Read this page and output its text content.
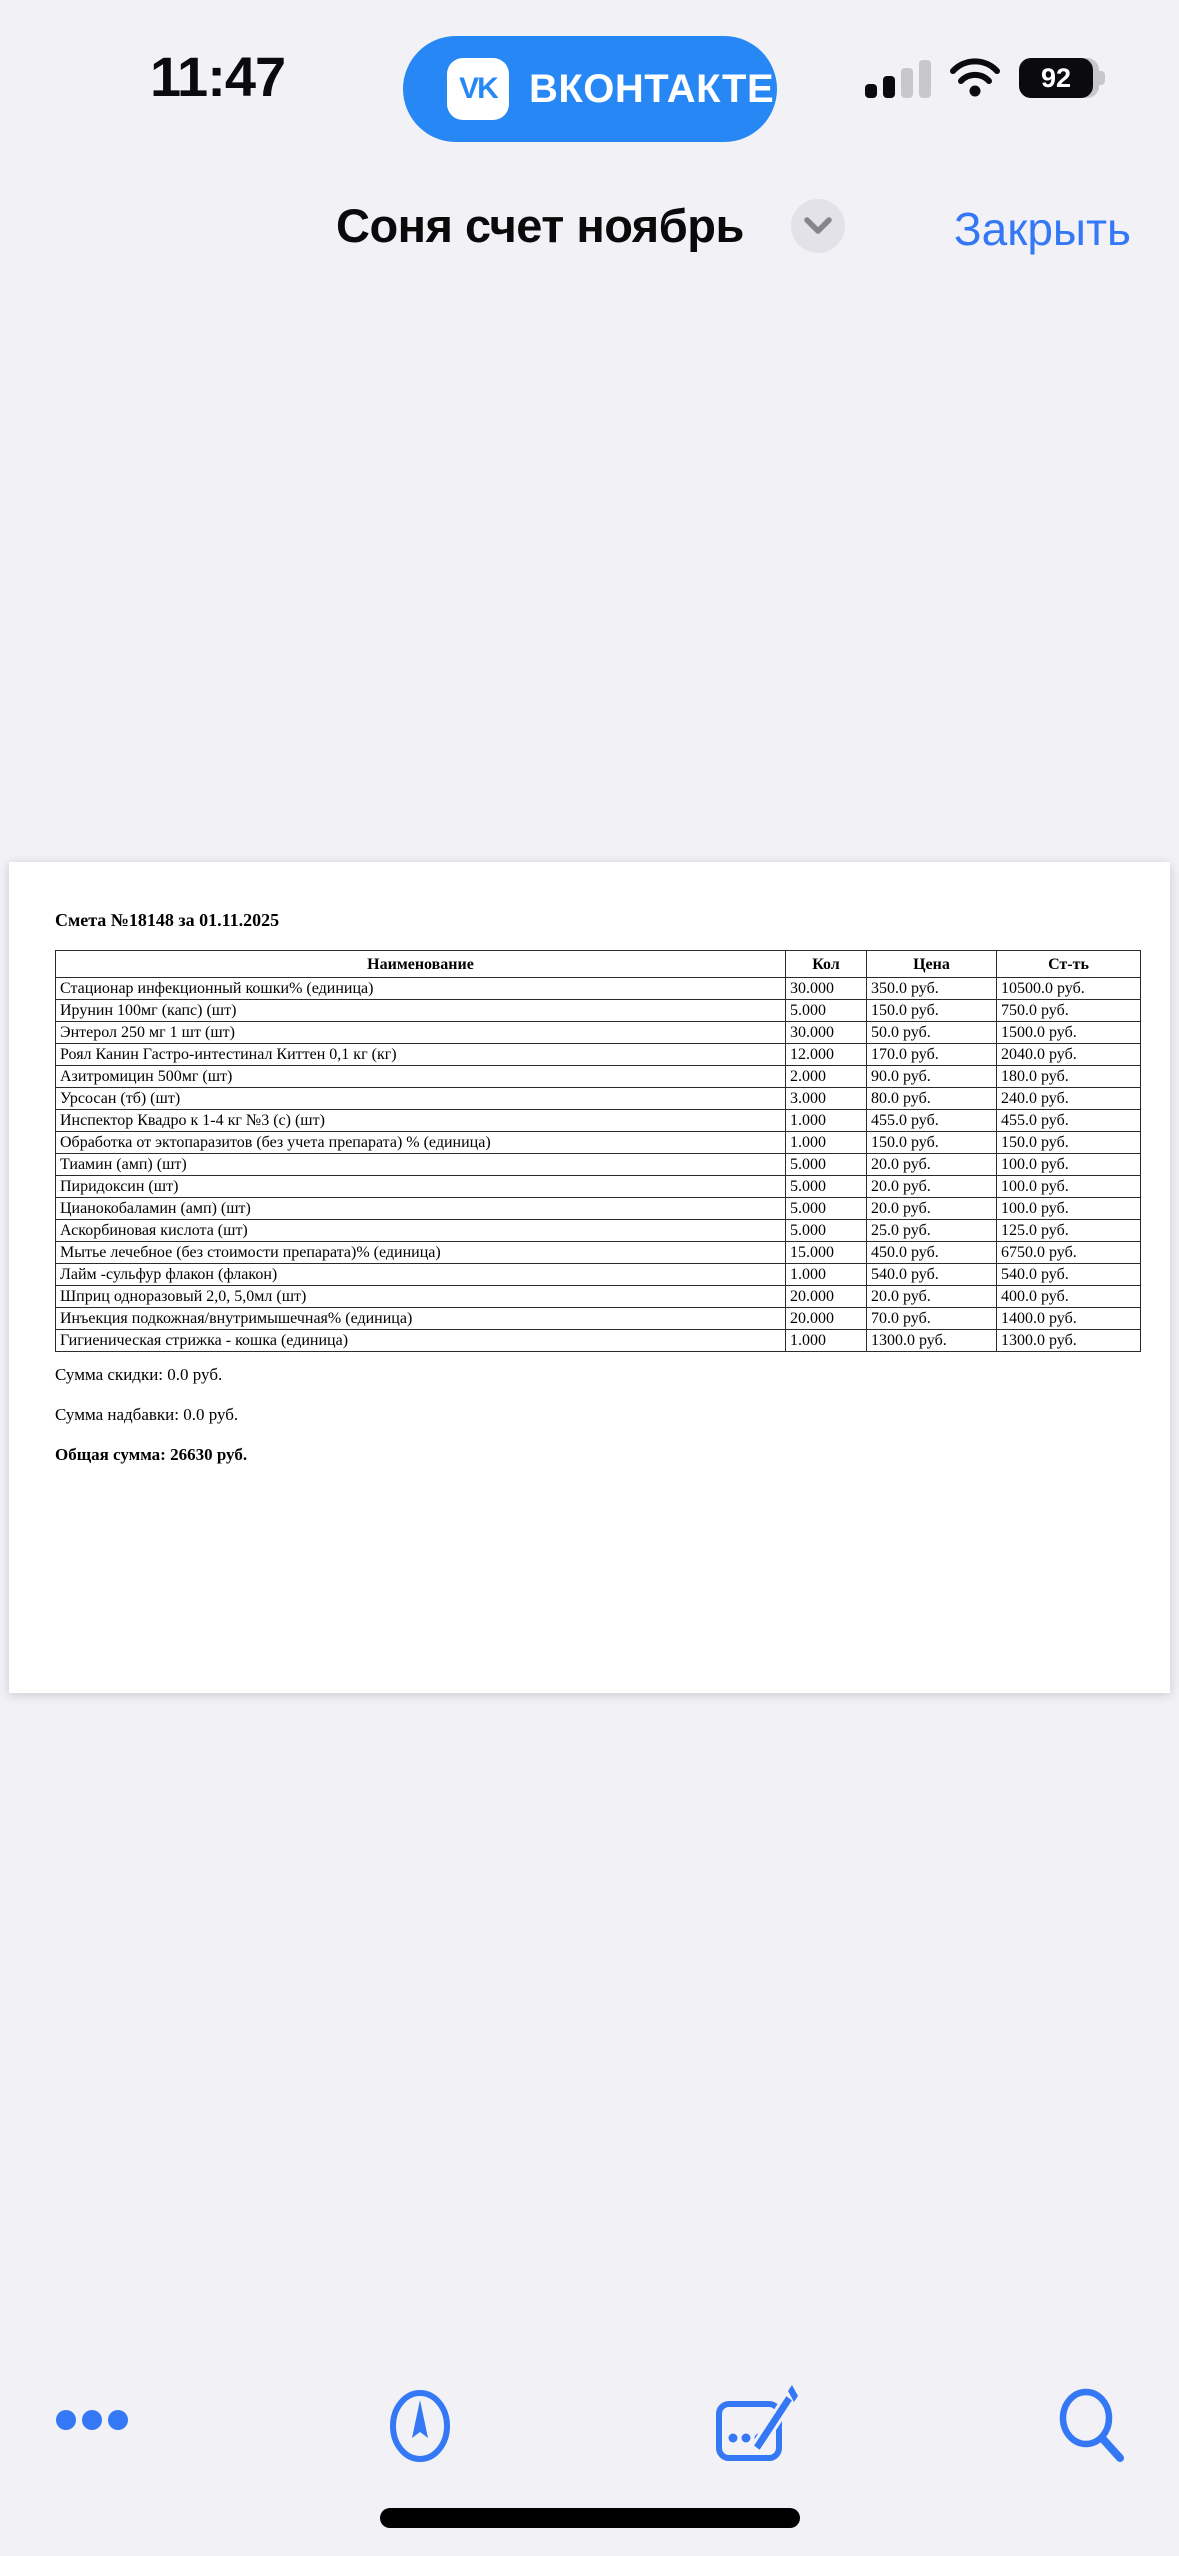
11:47	VK ВКОНТАКТЕ	92
Соня счет ноябрь	Закрыть
Смета №18148 за 01.11.2025
Наименование	Кол	Цена	Ст-ть
Стационар инфекционный кошки% (единица)	30.000	350.0 руб.	10500.0 руб.
Ирунин 100мг (капс) (шт)	5.000	150.0 руб.	750.0 руб.
Энтерол 250 мг 1 шт (шт)	30.000	50.0 руб.	1500.0 руб.
Роял Канин Гастро-интестинал Киттен 0,1 кг (кг)	12.000	170.0 руб.	2040.0 руб.
Азитромицин 500мг (шт)	2.000	90.0 руб.	180.0 руб.
Урсосан (тб) (шт)	3.000	80.0 руб.	240.0 руб.
Инспектор Квадро к 1-4 кг №3 (с) (шт)	1.000	455.0 руб.	455.0 руб.
Обработка от эктопаразитов (без учета препарата) % (единица)	1.000	150.0 руб.	150.0 руб.
Тиамин (амп) (шт)	5.000	20.0 руб.	100.0 руб.
Пиридоксин (шт)	5.000	20.0 руб.	100.0 руб.
Цианокобаламин (амп) (шт)	5.000	20.0 руб.	100.0 руб.
Аскорбиновая кислота (шт)	5.000	25.0 руб.	125.0 руб.
Мытье лечебное (без стоимости препарата)% (единица)	15.000	450.0 руб.	6750.0 руб.
Лайм -сульфур флакон (флакон)	1.000	540.0 руб.	540.0 руб.
Шприц одноразовый 2,0, 5,0мл (шт)	20.000	20.0 руб.	400.0 руб.
Инъекция подкожная/внутримышечная% (единица)	20.000	70.0 руб.	1400.0 руб.
Гигиеническая стрижка - кошка (единица)	1.000	1300.0 руб.	1300.0 руб.
Сумма скидки: 0.0 руб.
Сумма надбавки: 0.0 руб.
Общая сумма: 26630 руб.
